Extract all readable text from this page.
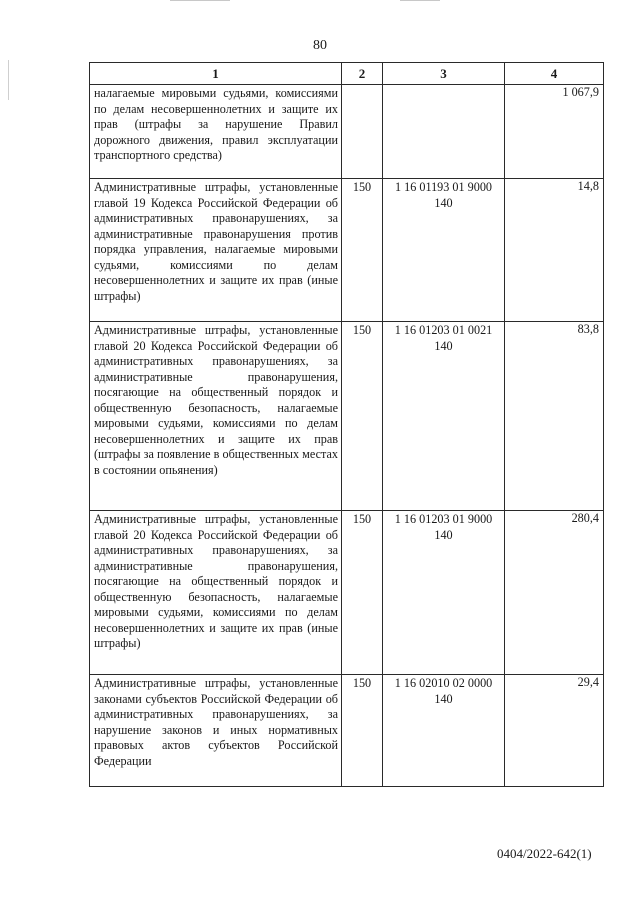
80
1	2	3	4

налагаемые мировыми судьями, комиссиями по делам несовершеннолетних и защите их прав (штрафы за нарушение Правил дорожного движения, правил эксплуатации транспортного средства)			1 067,9

Административные штрафы, установленные главой 19 Кодекса Российской Федерации об административных правонарушениях, за административные правонарушения против порядка управления, налагаемые мировыми судьями, комиссиями по делам несовершеннолетних и защите их прав (иные штрафы)	150	1 16 01193 01 9000 140	14,8

Административные штрафы, установленные главой 20 Кодекса Российской Федерации об административных правонарушениях, за административные правонарушения, посягающие на общественный порядок и общественную безопасность, налагаемые мировыми судьями, комиссиями по делам несовершеннолетних и защите их прав (штрафы за появление в общественных местах в состоянии опьянения)	150	1 16 01203 01 0021 140	83,8

Административные штрафы, установленные главой 20 Кодекса Российской Федерации об административных правонарушениях, за административные правонарушения, посягающие на общественный порядок и общественную безопасность, налагаемые мировыми судьями, комиссиями по делам несовершеннолетних и защите их прав (иные штрафы)	150	1 16 01203 01 9000 140	280,4

Административные штрафы, установленные законами субъектов Российской Федерации об административных правонарушениях, за нарушение законов и иных нормативных правовых актов субъектов Российской Федерации	150	1 16 02010 02 0000 140	29,4
0404/2022-642(1)
